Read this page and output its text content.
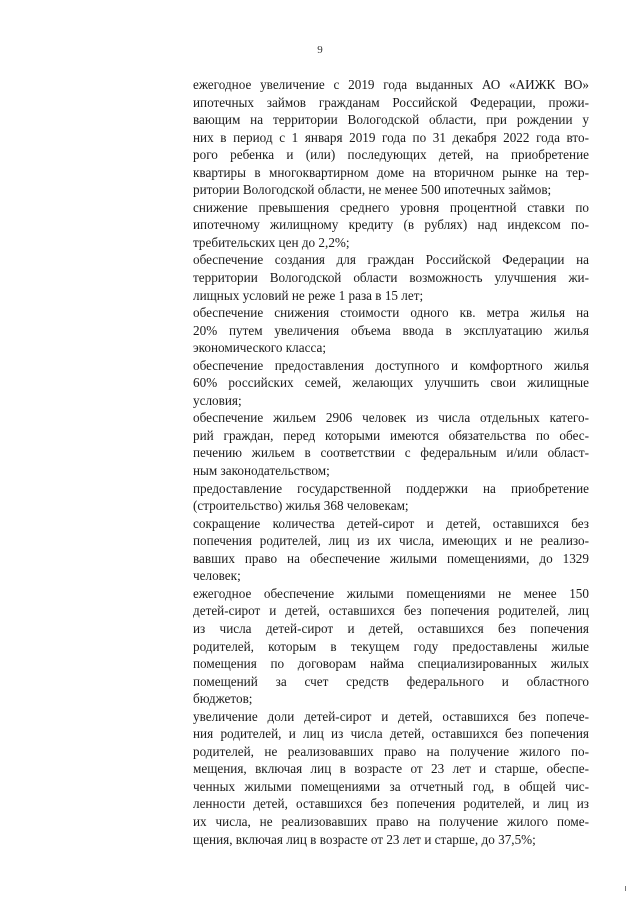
9
ежегодное увеличение с 2019 года выданных АО «АИЖК ВО»
ипотечных займов гражданам Российской Федерации, прожи-
вающим на территории Вологодской области, при рождении у
них в период с 1 января 2019 года по 31 декабря 2022 года вто-
рого ребенка и (или) последующих детей, на приобретение
квартиры в многоквартирном доме на вторичном рынке на тер-
ритории Вологодской области, не менее 500 ипотечных займов;
снижение превышения среднего уровня процентной ставки по
ипотечному жилищному кредиту (в рублях) над индексом по-
требительских цен до 2,2%;
обеспечение создания для граждан Российской Федерации на
территории Вологодской области возможность улучшения жи-
лищных условий не реже 1 раза в 15 лет;
обеспечение снижения стоимости одного кв. метра жилья на
20% путем увеличения объема ввода в эксплуатацию жилья
экономического класса;
обеспечение предоставления доступного и комфортного жилья
60% российских семей, желающих улучшить свои жилищные
условия;
обеспечение жильем 2906 человек из числа отдельных катего-
рий граждан, перед которыми имеются обязательства по обес-
печению жильем в соответствии с федеральным и/или област-
ным законодательством;
предоставление государственной поддержки на приобретение
(строительство) жилья 368 человекам;
сокращение количества детей-сирот и детей, оставшихся без
попечения родителей, лиц из их числа, имеющих и не реализо-
вавших право на обеспечение жилыми помещениями, до 1329
человек;
ежегодное обеспечение жилыми помещениями не менее 150
детей-сирот и детей, оставшихся без попечения родителей, лиц
из числа детей-сирот и детей, оставшихся без попечения
родителей, которым в текущем году предоставлены жилые
помещения по договорам найма специализированных жилых
помещений за счет средств федерального и областного
бюджетов;
увеличение доли детей-сирот и детей, оставшихся без попече-
ния родителей, и лиц из числа детей, оставшихся без попечения
родителей, не реализовавших право на получение жилого по-
мещения, включая лиц в возрасте от 23 лет и старше, обеспе-
ченных жилыми помещениями за отчетный год, в общей чис-
ленности детей, оставшихся без попечения родителей, и лиц из
их числа, не реализовавших право на получение жилого поме-
щения, включая лиц в возрасте от 23 лет и старше, до 37,5%;
